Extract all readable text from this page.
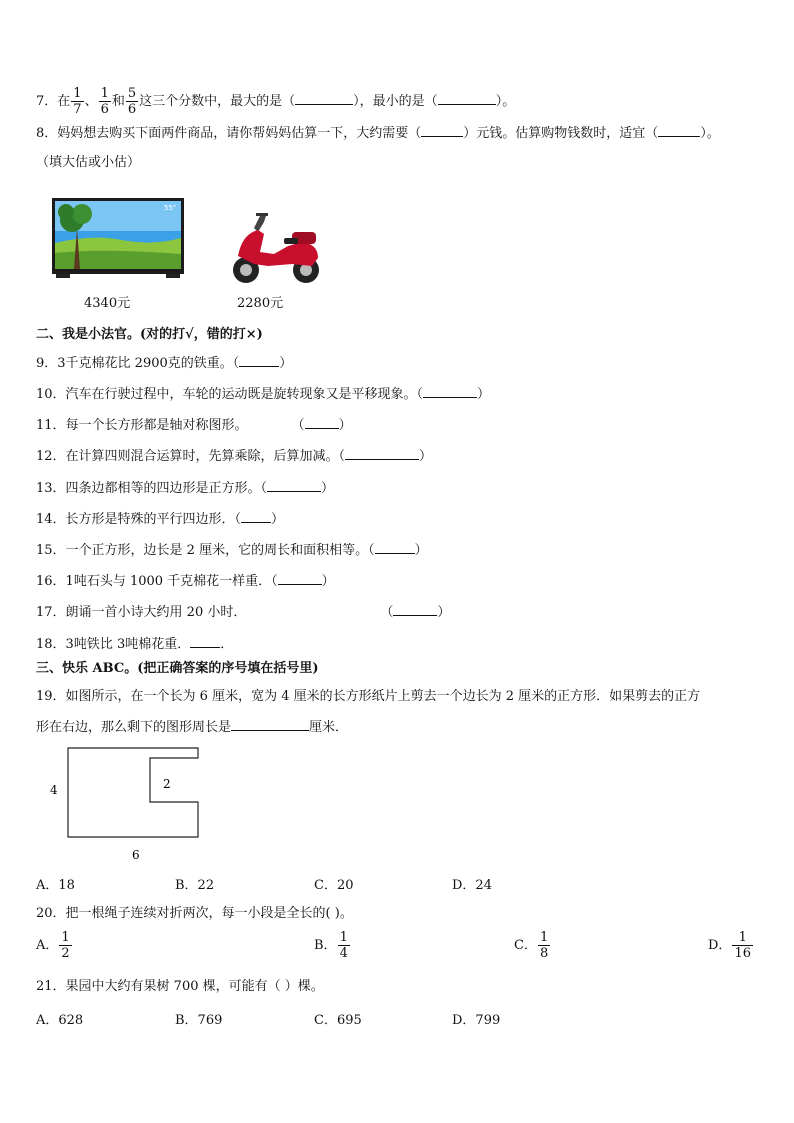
7．在 $\frac{1}{7}$ 、 $\frac{1}{6}$ 和 $\frac{5}{6}$ 这三个分数中，最大的是（	），最小的是（	）。
8．妈妈想去购买下面两件商品，请你帮妈妈估算一下，大约需要（	）元钱。估算购物钱数时，适宜（	）。
（填大估或小估）
55"
4340元	2280元
二、我是小法官。(对的打√，错的打×)
9．3千克棉花比 2900克的铁重。（	）
10．汽车在行驶过程中，车轮的运动既是旋转现象又是平移现象。（	）
11．每一个长方形都是轴对称图形。	（	）
12．在计算四则混合运算时，先算乘除，后算加减。（	）
13．四条边都相等的四边形是正方形。（	）
14．长方形是特殊的平行四边形．（ ）
15．一个正方形，边长是 2 厘米，它的周长和面积相等。（	）
16．1吨石头与 1000 千克棉花一样重．（	）
17．朗诵一首小诗大约用 20 小时．	（	）
18．3吨铁比 3吨棉花重． ．
三、快乐 ABC。(把正确答案的序号填在括号里)
19．如图所示，在一个长为 6 厘米，宽为 4 厘米的长方形纸片上剪去一个边长为 2 厘米的正方形．如果剪去的正方
形在右边，那么剩下的图形周长是	厘米．
4	2
6
A．18	B．22	C．20	D．24
20．把一根绳子连续对折两次，每一小段是全长的( )。
A． $\frac{1}{2}$	B． $\frac{1}{4}$	C． $\frac{1}{8}$	D． $\frac{1}{16}$
21．果园中大约有果树 700 棵，可能有（ ）棵。
A．628	B．769	C．695	D．799
